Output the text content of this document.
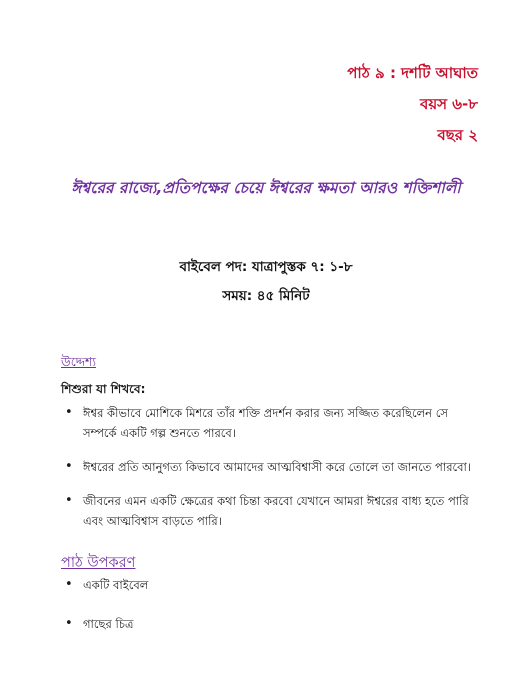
পাঠ ৯ : দশটি আঘাত
বয়স ৬-৮
বছর ২
ঈশ্বরের রাজ্যে,প্রতিপক্ষের চেয়ে ঈশ্বরের ক্ষমতা আরও শক্তিশালী
বাইবেল পদ: যাত্রাপুস্তক ৭: ১-৮
সময়: ৪৫ মিনিট
উদ্দেশ্য
শিশুরা যা শিখবে:
• ঈশ্বর কীভাবে মোশিকে মিশরে তাঁর শক্তি প্রদর্শন করার জন্য সজ্জিত করেছিলেন সে সম্পর্কে একটি গল্প শুনতে পারবে।
• ঈশ্বরের প্রতি আনুগত্য কিভাবে আমাদের আত্মবিশ্বাসী করে তোলে তা জানতে পারবো।
• জীবনের এমন একটি ক্ষেত্রের কথা চিন্তা করবো যেখানে আমরা ঈশ্বরের বাধ্য হতে পারি এবং আত্মবিশ্বাস বাড়তে পারি।
পাঠ উপকরণ
• একটি বাইবেল
• গাছের চিত্র
